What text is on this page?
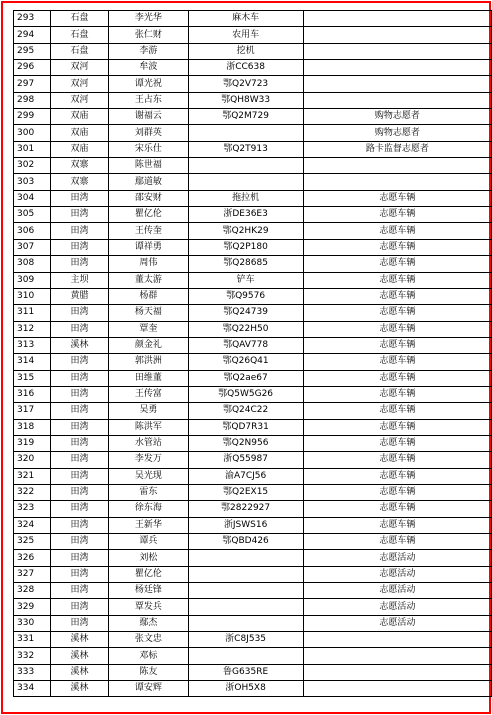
293	石盘	李光华	麻木车	
294	石盘	张仁财	农用车	
295	石盘	李游	挖机	
296	双河	牟波	浙CC638	
297	双河	谭光祝	鄂Q2V723	
298	双河	王占东	鄂QH8W33	
299	双庙	谢福云	鄂Q2M729	购物志愿者
300	双庙	刘群英		购物志愿者
301	双庙	宋乐仕	鄂Q2T913	路卡监督志愿者
302	双寨	陈世福		
303	双寨	鄢道敏		
304	田湾	邵安财	拖拉机	志愿车辆
305	田湾	瞿亿伦	浙DE36E3	志愿车辆
306	田湾	王传奎	鄂Q2HK29	志愿车辆
307	田湾	谭祥勇	鄂Q2P180	志愿车辆
308	田湾	周伟	鄂Q28685	志愿车辆
309	主坝	董太游	铲车	志愿车辆
310	黄腊	杨群	鄂Q9576	志愿车辆
311	田湾	杨天福	鄂Q24739	志愿车辆
312	田湾	覃奎	鄂Q22H50	志愿车辆
313	溪林	颜金礼	鄂QAV778	志愿车辆
314	田湾	郭洪洲	鄂Q26Q41	志愿车辆
315	田湾	田维董	鄂Q2ae67	志愿车辆
316	田湾	王传富	鄂Q5W5G26	志愿车辆
317	田湾	吴勇	鄂Q24C22	志愿车辆
318	田湾	陈洪军	鄂QD7R31	志愿车辆
319	田湾	水管站	鄂Q2N956	志愿车辆
320	田湾	李发万	浙Q55987	志愿车辆
321	田湾	吴光现	渝A7CJ56	志愿车辆
322	田湾	雷东	鄂Q2EX15	志愿车辆
323	田湾	徐东海	鄂2822927	志愿车辆
324	田湾	王新华	浙JSWS16	志愿车辆
325	田湾	谭兵	鄂QBD426	志愿车辆
326	田湾	刘松		志愿活动
327	田湾	瞿亿伦		志愿活动
328	田湾	杨廷锋		志愿活动
329	田湾	覃发兵		志愿活动
330	田湾	鄢杰		志愿活动
331	溪林	张文忠	浙C8J535	
332	溪林	邓标		
333	溪林	陈友	鲁G635RE	
334	溪林	谭安辉	浙OH5X8	
